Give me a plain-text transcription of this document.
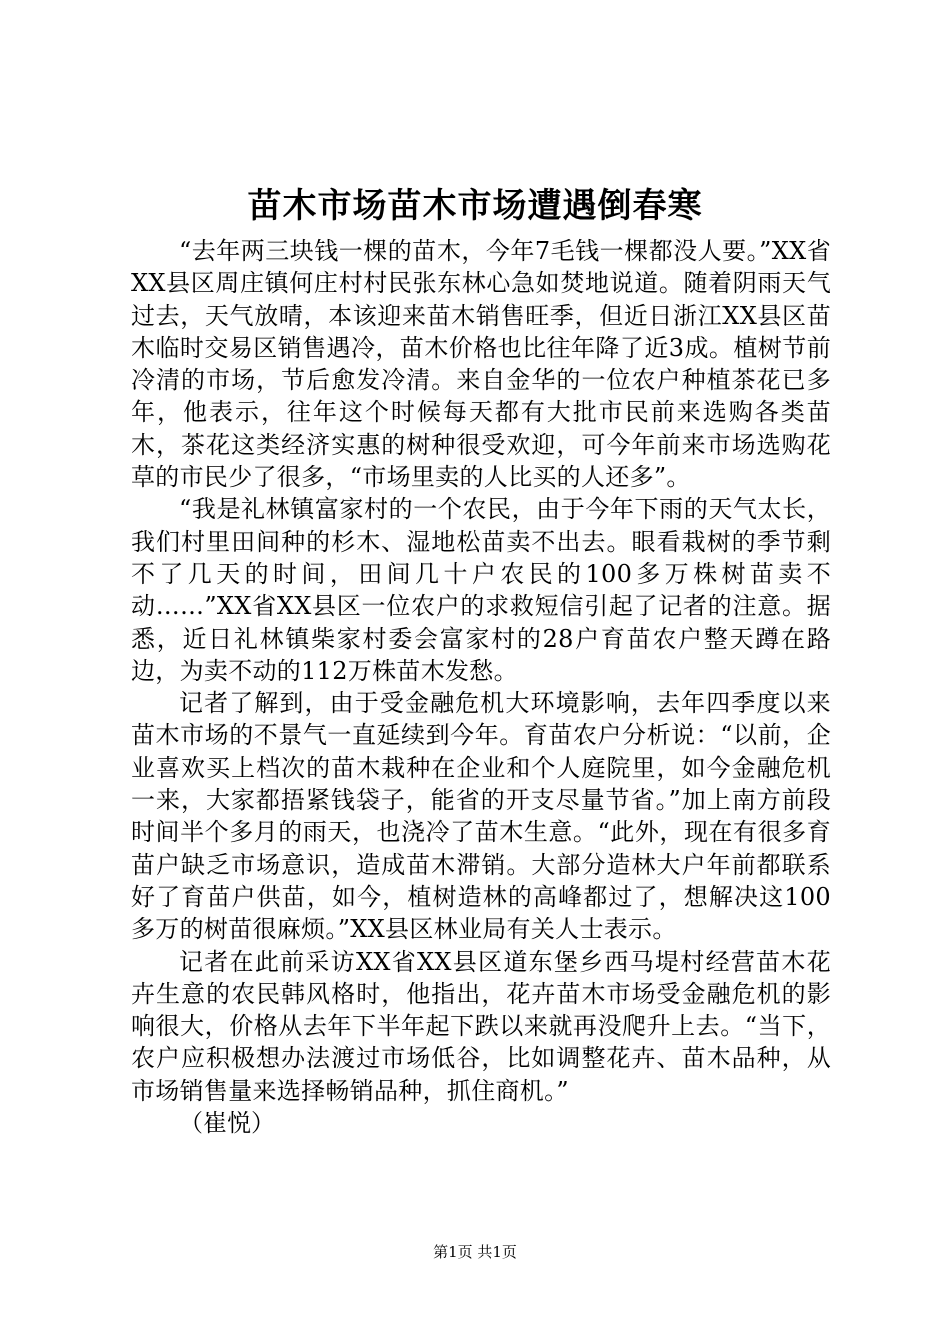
苗木市场苗木市场遭遇倒春寒

“去年两三块钱一棵的苗木，今年7毛钱一棵都没人要。”XX省XX县区周庄镇何庄村村民张东林心急如焚地说道。随着阴雨天气过去，天气放晴，本该迎来苗木销售旺季，但近日浙江XX县区苗木临时交易区销售遇冷，苗木价格也比往年降了近3成。植树节前冷清的市场，节后愈发冷清。来自金华的一位农户种植茶花已多年，他表示，往年这个时候每天都有大批市民前来选购各类苗木，茶花这类经济实惠的树种很受欢迎，可今年前来市场选购花草的市民少了很多，“市场里卖的人比买的人还多”。

“我是礼林镇富家村的一个农民，由于今年下雨的天气太长，我们村里田间种的杉木、湿地松苗卖不出去。眼看栽树的季节剩不了几天的时间，田间几十户农民的100多万株树苗卖不动……”XX省XX县区一位农户的求救短信引起了记者的注意。据悉，近日礼林镇柴家村委会富家村的28户育苗农户整天蹲在路边，为卖不动的112万株苗木发愁。

记者了解到，由于受金融危机大环境影响，去年四季度以来苗木市场的不景气一直延续到今年。育苗农户分析说：“以前，企业喜欢买上档次的苗木栽种在企业和个人庭院里，如今金融危机一来，大家都捂紧钱袋子，能省的开支尽量节省。”加上南方前段时间半个多月的雨天，也浇冷了苗木生意。“此外，现在有很多育苗户缺乏市场意识，造成苗木滞销。大部分造林大户年前都联系好了育苗户供苗，如今，植树造林的高峰都过了，想解决这100多万的树苗很麻烦。”XX县区林业局有关人士表示。

记者在此前采访XX省XX县区道东堡乡西马堤村经营苗木花卉生意的农民韩风格时，他指出，花卉苗木市场受金融危机的影响很大，价格从去年下半年起下跌以来就再没爬升上去。“当下，农户应积极想办法渡过市场低谷，比如调整花卉、苗木品种，从市场销售量来选择畅销品种，抓住商机。”

（崔悦）

第1页 共1页
